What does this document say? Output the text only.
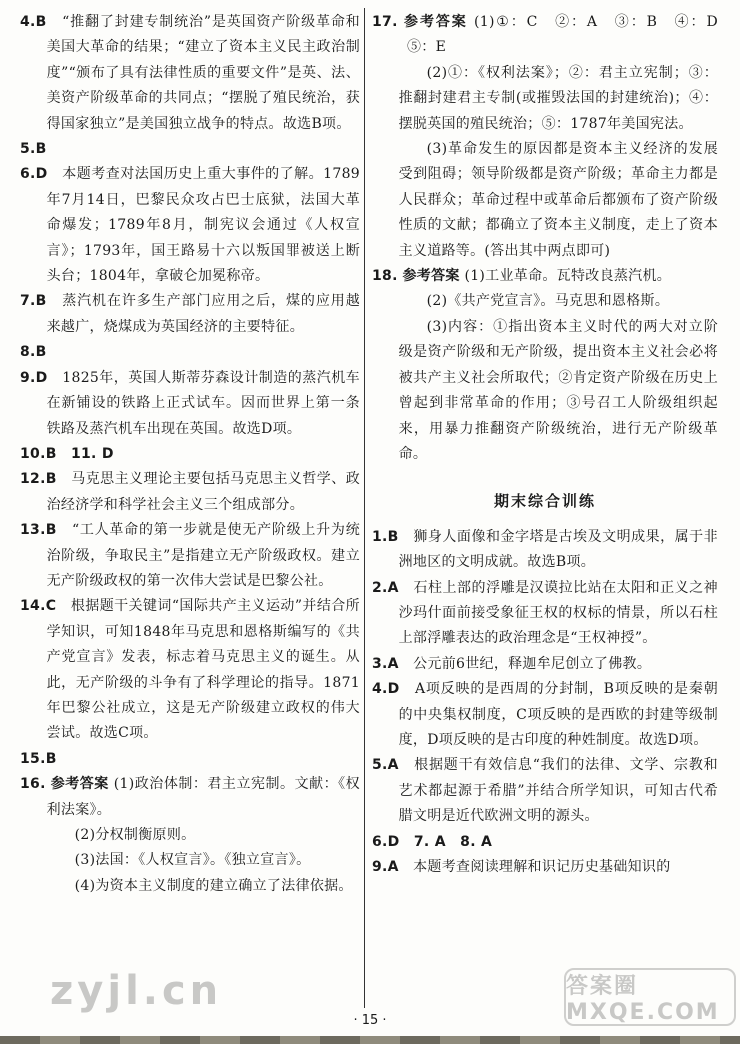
4.B　 “推翻了封建专制统治”是英国资产阶级革命和美国大革命的结果；“建立了资本主义民主政治制度”“颁布了具有法律性质的重要文件”是英、法、美资产阶级革命的共同点；“摆脱了殖民统治，获得国家独立”是美国独立战争的特点。故选B项。

5.B　

6.D　 本题考查对法国历史上重大事件的了解。1789年7月14日，巴黎民众攻占巴士底狱，法国大革命爆发；1789年8月，制宪议会通过《人权宣言》；1793年，国王路易十六以叛国罪被送上断头台；1804年，拿破仑加冕称帝。

7.B　 蒸汽机在许多生产部门应用之后，煤的应用越来越广，烧煤成为英国经济的主要特征。

8.B　

9.D　 1825年，英国人斯蒂芬森设计制造的蒸汽机车在新铺设的铁路上正式试车。因而世界上第一条铁路及蒸汽机车出现在英国。故选D项。

10.B　11. D　

12.B　 马克思主义理论主要包括马克思主义哲学、政治经济学和科学社会主义三个组成部分。

13.B　 “工人革命的第一步就是使无产阶级上升为统治阶级，争取民主”是指建立无产阶级政权。建立无产阶级政权的第一次伟大尝试是巴黎公社。

14.C　 根据题干关键词“国际共产主义运动”并结合所学知识，可知1848年马克思和恩格斯编写的《共产党宣言》发表，标志着马克思主义的诞生。从此，无产阶级的斗争有了科学理论的指导。1871年巴黎公社成立，这是无产阶级建立政权的伟大尝试。故选C项。

15.B　

16. 参考答案 (1)政治体制：君主立宪制。文献：《权利法案》。

(2)分权制衡原则。

(3)法国：《人权宣言》。《独立宣言》。

(4)为资本主义制度的建立确立了法律依据。

17. 参考答案 (1)①：C　②：A　③：B　④：D　⑤：E

(2)①：《权利法案》；②：君主立宪制；③：推翻封建君主专制(或摧毁法国的封建统治)；④：摆脱英国的殖民统治；⑤：1787年美国宪法。

(3)革命发生的原因都是资本主义经济的发展受到阻碍；领导阶级都是资产阶级；革命主力都是人民群众；革命过程中或革命后都颁布了资产阶级性质的文献；都确立了资本主义制度，走上了资本主义道路等。(答出其中两点即可)

18. 参考答案 (1)工业革命。瓦特改良蒸汽机。

(2)《共产党宣言》。马克思和恩格斯。

(3)内容：①指出资本主义时代的两大对立阶级是资产阶级和无产阶级，提出资本主义社会必将被共产主义社会所取代；②肯定资产阶级在历史上曾起到非常革命的作用；③号召工人阶级组织起来，用暴力推翻资产阶级统治，进行无产阶级革命。

期末综合训练

1.B　 狮身人面像和金字塔是古埃及文明成果，属于非洲地区的文明成就。故选B项。

2.A　 石柱上部的浮雕是汉谟拉比站在太阳和正义之神沙玛什面前接受象征王权的权标的情景，所以石柱上部浮雕表达的政治理念是“王权神授”。

3.A　 公元前6世纪，释迦牟尼创立了佛教。

4.D　 A项反映的是西周的分封制，B项反映的是秦朝的中央集权制度，C项反映的是西欧的封建等级制度，D项反映的是古印度的种姓制度。故选D项。

5.A　 根据题干有效信息“我们的法律、文学、宗教和艺术都起源于希腊”并结合所学知识，可知古代希腊文明是近代欧洲文明的源头。

6.D　7. A　8. A　

9.A　 本题考查阅读理解和识记历史基础知识的

zyjl.cn	答案圈 MXQE.COM
· 15 ·
